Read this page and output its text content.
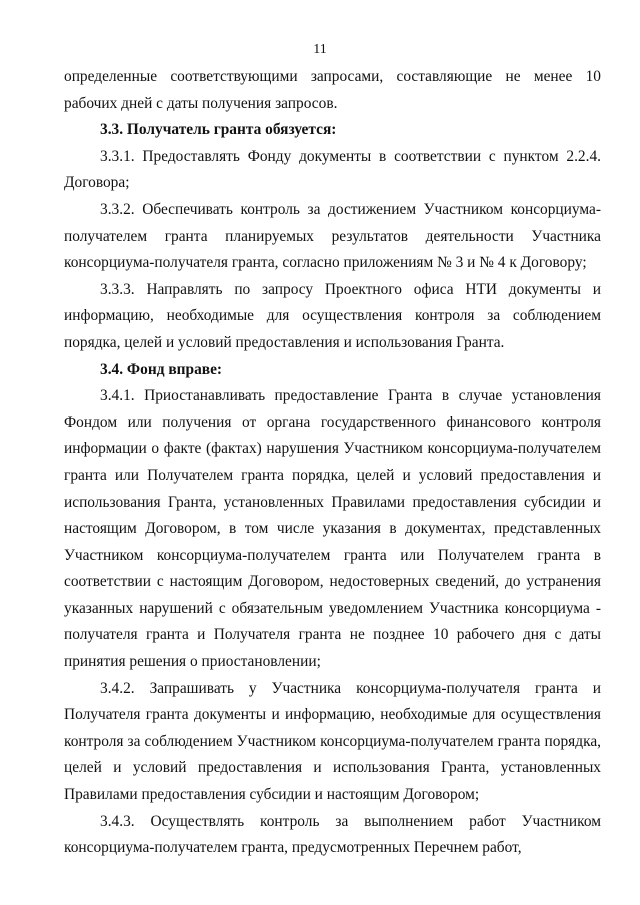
11

определенные соответствующими запросами, составляющие не менее 10 рабочих дней с даты получения запросов.

3.3. Получатель гранта обязуется:

3.3.1. Предоставлять Фонду документы в соответствии с пунктом 2.2.4. Договора;

3.3.2. Обеспечивать контроль за достижением Участником консорциума-получателем гранта планируемых результатов деятельности Участника консорциума-получателя гранта, согласно приложениям № 3 и № 4 к Договору;

3.3.3. Направлять по запросу Проектного офиса НТИ документы и информацию, необходимые для осуществления контроля за соблюдением порядка, целей и условий предоставления и использования Гранта.

3.4. Фонд вправе:

3.4.1. Приостанавливать предоставление Гранта в случае установления Фондом или получения от органа государственного финансового контроля информации о факте (фактах) нарушения Участником консорциума-получателем гранта или Получателем гранта порядка, целей и условий предоставления и использования Гранта, установленных Правилами предоставления субсидии и настоящим Договором, в том числе указания в документах, представленных Участником консорциума-получателем гранта или Получателем гранта в соответствии с настоящим Договором, недостоверных сведений, до устранения указанных нарушений с обязательным уведомлением Участника консорциума - получателя гранта и Получателя гранта не позднее 10 рабочего дня с даты принятия решения о приостановлении;

3.4.2. Запрашивать у Участника консорциума-получателя гранта и Получателя гранта документы и информацию, необходимые для осуществления контроля за соблюдением Участником консорциума-получателем гранта порядка, целей и условий предоставления и использования Гранта, установленных Правилами предоставления субсидии и настоящим Договором;

3.4.3. Осуществлять контроль за выполнением работ Участником консорциума-получателем гранта, предусмотренных Перечнем работ,
